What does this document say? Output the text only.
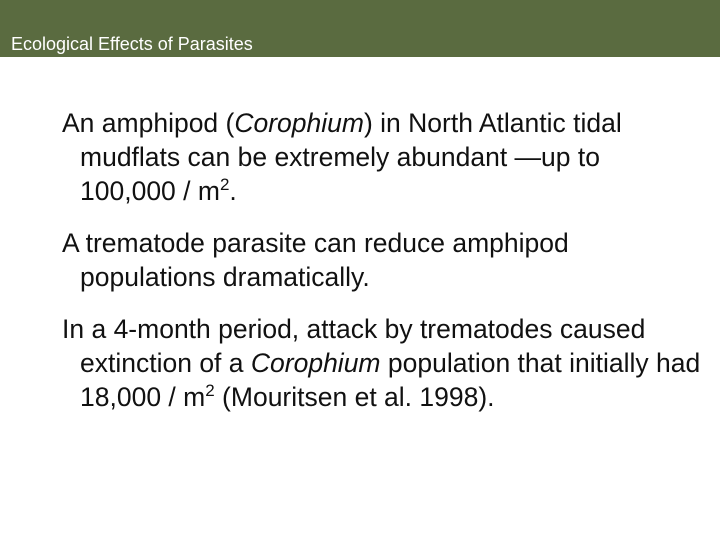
Ecological Effects of Parasites

An amphipod (Corophium) in North Atlantic tidal mudflats can be extremely abundant —up to $100,000 / m^2$.

A trematode parasite can reduce amphipod populations dramatically.

In a 4-month period, attack by trematodes caused extinction of a Corophium population that initially had $18,000 / m^2$ (Mouritsen et al. 1998).
